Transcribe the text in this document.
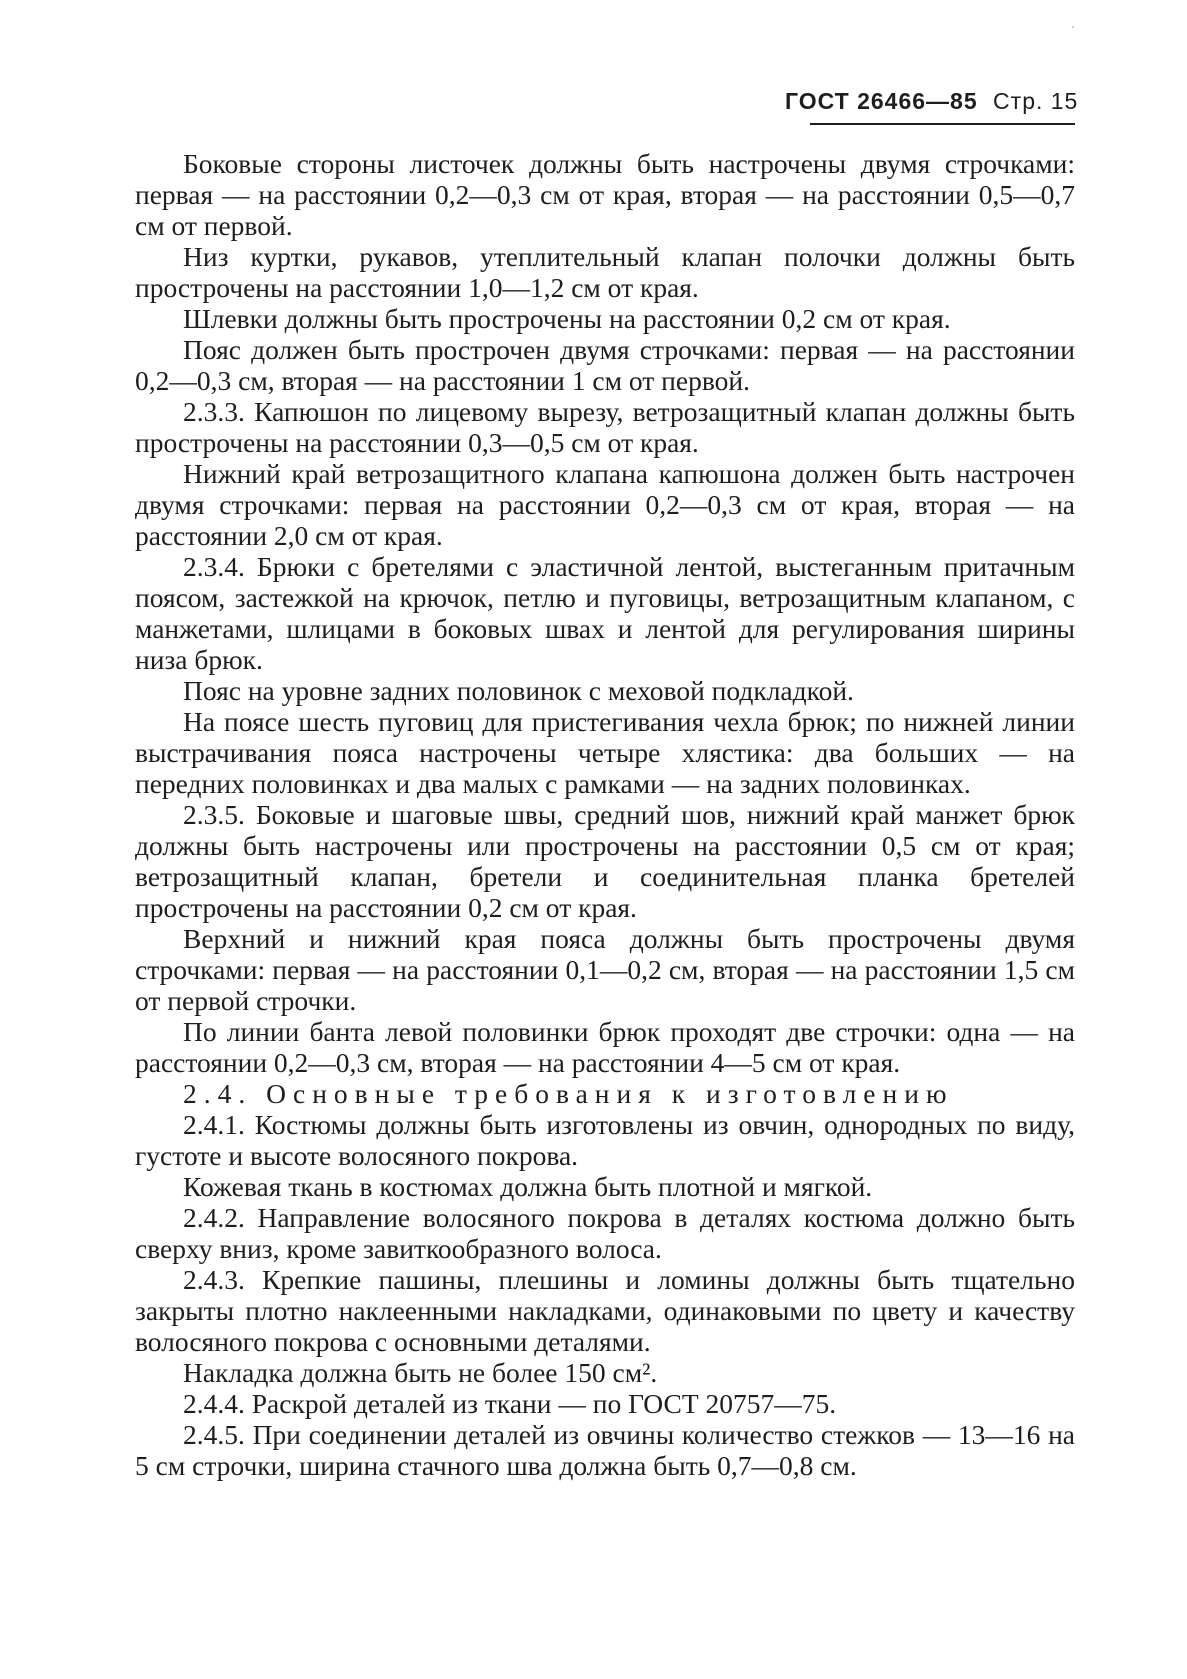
ГОСТ 26466—85 Стр. 15

Боковые стороны листочек должны быть настрочены двумя строчками: первая — на расстоянии 0,2—0,3 см от края, вторая — на расстоянии 0,5—0,7 см от первой.

Низ куртки, рукавов, утеплительный клапан полочки должны быть прострочены на расстоянии 1,0—1,2 см от края.

Шлевки должны быть прострочены на расстоянии 0,2 см от края.

Пояс должен быть прострочен двумя строчками: первая — на расстоянии 0,2—0,3 см, вторая — на расстоянии 1 см от первой.

2.3.3. Капюшон по лицевому вырезу, ветрозащитный клапан должны быть прострочены на расстоянии 0,3—0,5 см от края.

Нижний край ветрозащитного клапана капюшона должен быть настрочен двумя строчками: первая на расстоянии 0,2—0,3 см от края, вторая — на расстоянии 2,0 см от края.

2.3.4. Брюки с бретелями с эластичной лентой, выстеганным притачным поясом, застежкой на крючок, петлю и пуговицы, ветрозащитным клапаном, с манжетами, шлицами в боковых швах и лентой для регулирования ширины низа брюк.

Пояс на уровне задних половинок с меховой подкладкой.

На поясе шесть пуговиц для пристегивания чехла брюк; по нижней линии выстрачивания пояса настрочены четыре хлястика: два больших — на передних половинках и два малых с рамками — на задних половинках.

2.3.5. Боковые и шаговые швы, средний шов, нижний край манжет брюк должны быть настрочены или прострочены на расстоянии 0,5 см от края; ветрозащитный клапан, бретели и соединительная планка бретелей прострочены на расстоянии 0,2 см от края.

Верхний и нижний края пояса должны быть прострочены двумя строчками: первая — на расстоянии 0,1—0,2 см, вторая — на расстоянии 1,5 см от первой строчки.

По линии банта левой половинки брюк проходят две строчки: одна — на расстоянии 0,2—0,3 см, вторая — на расстоянии 4—5 см от края.

2.4. Основные требования к изготовлению

2.4.1. Костюмы должны быть изготовлены из овчин, однородных по виду, густоте и высоте волосяного покрова.

Кожевая ткань в костюмах должна быть плотной и мягкой.

2.4.2. Направление волосяного покрова в деталях костюма должно быть сверху вниз, кроме завиткообразного волоса.

2.4.3. Крепкие пашины, плешины и ломины должны быть тщательно закрыты плотно наклеенными накладками, одинаковыми по цвету и качеству волосяного покрова с основными деталями.

Накладка должна быть не более 150 см².

2.4.4. Раскрой деталей из ткани — по ГОСТ 20757—75.

2.4.5. При соединении деталей из овчины количество стежков — 13—16 на 5 см строчки, ширина стачного шва должна быть 0,7—0,8 см.
